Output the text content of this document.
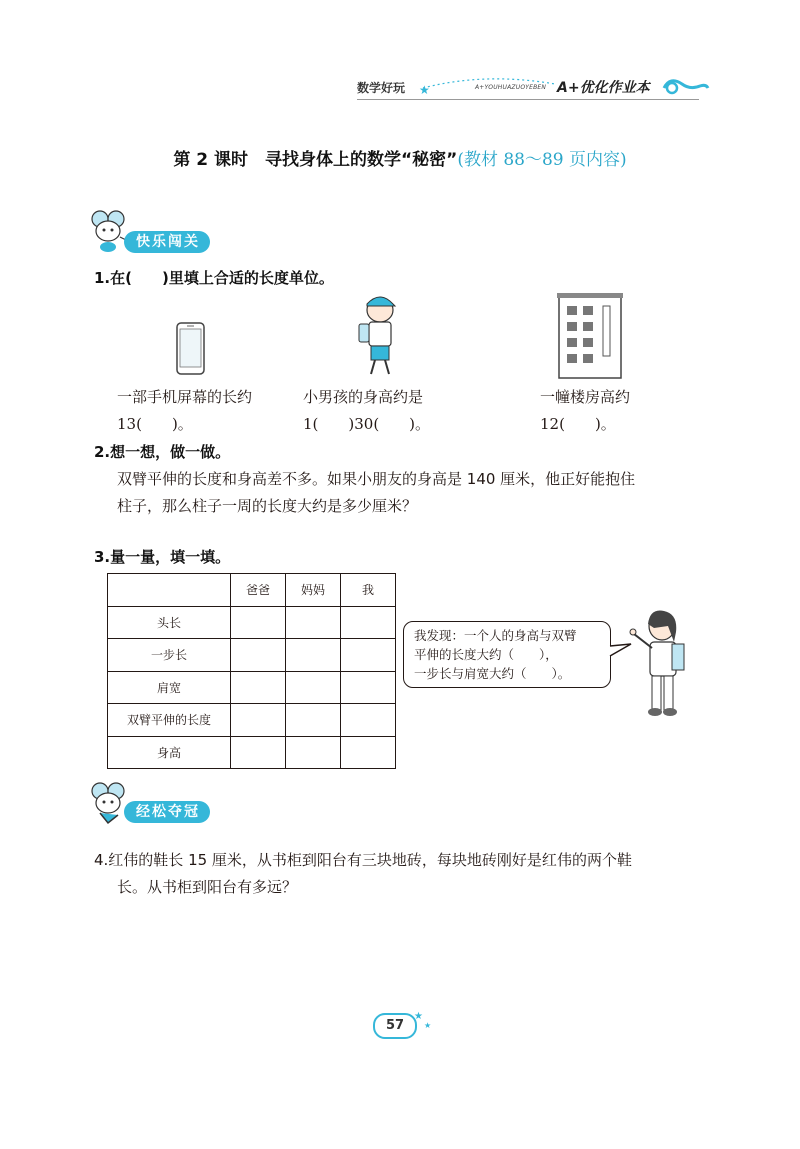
数学好玩 ★	A+YOUHUAZUOYEBEN A+优化作业本
第 2 课时　寻找身体上的数学“秘密”(教材 88～89 页内容)
快乐闯关
1.在(　　)里填上合适的长度单位。
一部手机屏幕的长约
13(　　)。
小男孩的身高约是
1(　　)30(　　)。
一幢楼房高约
12(　　)。
2.想一想，做一做。
双臂平伸的长度和身高差不多。如果小朋友的身高是 140 厘米，他正好能抱住
柱子，那么柱子一周的长度大约是多少厘米？
3.量一量，填一填。
	爸爸	妈妈	我
头长			
一步长			
肩宽			
双臂平伸的长度			
身高			
我发现：一个人的身高与双臂
平伸的长度大约（　　），
一步长与肩宽大约（　　）。
经松夺冠
4.红伟的鞋长 15 厘米，从书柜到阳台有三块地砖，每块地砖刚好是红伟的两个鞋
长。从书柜到阳台有多远？
57
★
★
